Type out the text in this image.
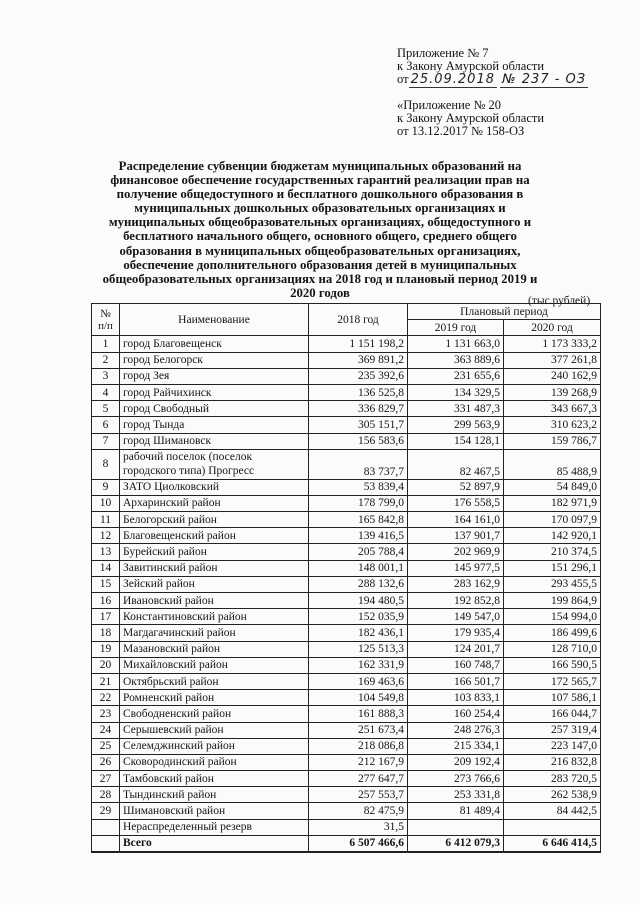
Приложение № 7
к Закону Амурской области
от 25.09.2018 № 237 - ОЗ
«Приложение № 20
к Закону Амурской области
от 13.12.2017 № 158-ОЗ
Распределение субвенции бюджетам муниципальных образований на финансовое обеспечение государственных гарантий реализации прав на получение общедоступного и бесплатного дошкольного образования в муниципальных дошкольных образовательных организациях и муниципальных общеобразовательных организациях, общедоступного и бесплатного начального общего, основного общего, среднего общего образования в муниципальных общеобразовательных организациях, обеспечение дополнительного образования детей в муниципальных общеобразовательных организациях на 2018 год и плановый период 2019 и 2020 годов
(тыс.рублей)
№ п/п	Наименование	2018 год	Плановый период	
			2019 год	2020 год
1	город Благовещенск	1 151 198,2	1 131 663,0	1 173 333,2
2	город Белогорск	369 891,2	363 889,6	377 261,8
3	город Зея	235 392,6	231 655,6	240 162,9
4	город Райчихинск	136 525,8	134 329,5	139 268,9
5	город Свободный	336 829,7	331 487,3	343 667,3
6	город Тында	305 151,7	299 563,9	310 623,2
7	город Шимановск	156 583,6	154 128,1	159 786,7
8	рабочий поселок (поселок городского типа) Прогресс	83 737,7	82 467,5	85 488,9
9	ЗАТО Циолковский	53 839,4	52 897,9	54 849,0
10	Архаринский район	178 799,0	176 558,5	182 971,9
11	Белогорский район	165 842,8	164 161,0	170 097,9
12	Благовещенский район	139 416,5	137 901,7	142 920,1
13	Бурейский район	205 788,4	202 969,9	210 374,5
14	Завитинский район	148 001,1	145 977,5	151 296,1
15	Зейский район	288 132,6	283 162,9	293 455,5
16	Ивановский район	194 480,5	192 852,8	199 864,9
17	Константиновский район	152 035,9	149 547,0	154 994,0
18	Магдагачинский район	182 436,1	179 935,4	186 499,6
19	Мазановский район	125 513,3	124 201,7	128 710,0
20	Михайловский район	162 331,9	160 748,7	166 590,5
21	Октябрьский район	169 463,6	166 501,7	172 565,7
22	Ромненский район	104 549,8	103 833,1	107 586,1
23	Свободненский район	161 888,3	160 254,4	166 044,7
24	Серышевский район	251 673,4	248 276,3	257 319,4
25	Селемджинский район	218 086,8	215 334,1	223 147,0
26	Сковородинский район	212 167,9	209 192,4	216 832,8
27	Тамбовский район	277 647,7	273 766,6	283 720,5
28	Тындинский район	257 553,7	253 331,8	262 538,9
29	Шимановский район	82 475,9	81 489,4	84 442,5
	Нераспределенный резерв	31,5		
	Всего	6 507 466,6	6 412 079,3	6 646 414,5
